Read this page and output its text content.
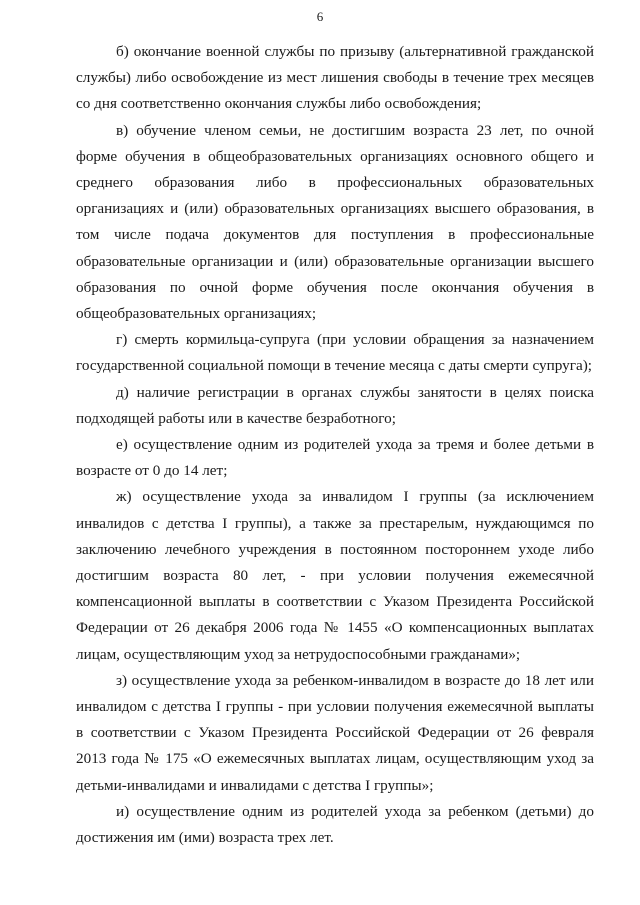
6

б) окончание военной службы по призыву (альтернативной гражданской службы) либо освобождение из мест лишения свободы в течение трех месяцев со дня соответственно окончания службы либо освобождения;

в) обучение членом семьи, не достигшим возраста 23 лет, по очной форме обучения в общеобразовательных организациях основного общего и среднего образования либо в профессиональных образовательных организациях и (или) образовательных организациях высшего образования, в том числе подача документов для поступления в профессиональные образовательные организации и (или) образовательные организации высшего образования по очной форме обучения после окончания обучения в общеобразовательных организациях;

г) смерть кормильца-супруга (при условии обращения за назначением государственной социальной помощи в течение месяца с даты смерти супруга);

д) наличие регистрации в органах службы занятости в целях поиска подходящей работы или в качестве безработного;

е) осуществление одним из родителей ухода за тремя и более детьми в возрасте от 0 до 14 лет;

ж) осуществление ухода за инвалидом I группы (за исключением инвалидов с детства I группы), а также за престарелым, нуждающимся по заключению лечебного учреждения в постоянном постороннем уходе либо достигшим возраста 80 лет, - при условии получения ежемесячной компенсационной выплаты в соответствии с Указом Президента Российской Федерации от 26 декабря 2006 года № 1455 «О компенсационных выплатах лицам, осуществляющим уход за нетрудоспособными гражданами»;

з) осуществление ухода за ребенком-инвалидом в возрасте до 18 лет или инвалидом с детства I группы - при условии получения ежемесячной выплаты в соответствии с Указом Президента Российской Федерации от 26 февраля 2013 года № 175 «О ежемесячных выплатах лицам, осуществляющим уход за детьми-инвалидами и инвалидами с детства I группы»;

и) осуществление одним из родителей ухода за ребенком (детьми) до достижения им (ими) возраста трех лет.
